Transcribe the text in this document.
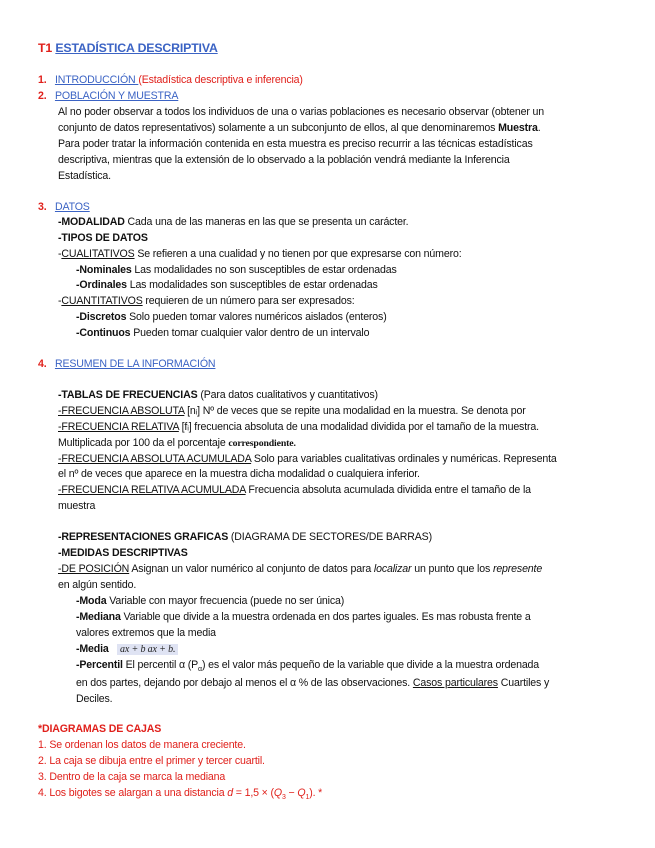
T1 ESTADÍSTICA DESCRIPTIVA
1. INTRODUCCIÓN (Estadística descriptiva e inferencia)
2. POBLACIÓN Y MUESTRA
Al no poder observar a todos los individuos de una o varias poblaciones es necesario observar (obtener un
conjunto de datos representativos) solamente a un subconjunto de ellos, al que denominaremos Muestra.
Para poder tratar la información contenida en esta muestra es preciso recurrir a las técnicas estadísticas
descriptiva, mientras que la extensión de lo observado a la población vendrá mediante la Inferencia
Estadística.
3. DATOS
-MODALIDAD Cada una de las maneras en las que se presenta un carácter.
-TIPOS DE DATOS
-CUALITATIVOS Se refieren a una cualidad y no tienen por que expresarse con número:
-Nominales Las modalidades no son susceptibles de estar ordenadas
-Ordinales Las modalidades son susceptibles de estar ordenadas
-CUANTITATIVOS requieren de un número para ser expresados:
-Discretos Solo pueden tomar valores numéricos aislados (enteros)
-Continuos Pueden tomar cualquier valor dentro de un intervalo
4. RESUMEN DE LA INFORMACIÓN
-TABLAS DE FRECUENCIAS (Para datos cualitativos y cuantitativos)
-FRECUENCIA ABSOLUTA [nᵢ] Nº de veces que se repite una modalidad en la muestra. Se denota por
-FRECUENCIA RELATIVA [fᵢ] frecuencia absoluta de una modalidad dividida por el tamaño de la muestra.
Multiplicada por 100 da el porcentaje correspondiente.
-FRECUENCIA ABSOLUTA ACUMULADA Solo para variables cualitativas ordinales y numéricas. Representa
el nº de veces que aparece en la muestra dicha modalidad o cualquiera inferior.
-FRECUENCIA RELATIVA ACUMULADA Frecuencia absoluta acumulada dividida entre el tamaño de la
muestra
-REPRESENTACIONES GRAFICAS (DIAGRAMA DE SECTORES/DE BARRAS)
-MEDIDAS DESCRIPTIVAS
-DE POSICIÓN Asignan un valor numérico al conjunto de datos para localizar un punto que los represente
en algún sentido.
-Moda Variable con mayor frecuencia (puede no ser única)
-Mediana Variable que divide a la muestra ordenada en dos partes iguales. Es mas robusta frente a
valores extremos que la media
-Media ax + b ax + b.
-Percentil El percentil α $(P_\alpha)$ es el valor más pequeño de la variable que divide a la muestra ordenada
en dos partes, dejando por debajo al menos el α % de las observaciones. Casos particulares Cuartiles y
Deciles.
*DIAGRAMAS DE CAJAS
1. Se ordenan los datos de manera creciente.
2. La caja se dibuja entre el primer y tercer cuartil.
3. Dentro de la caja se marca la mediana
4. Los bigotes se alargan a una distancia $d = 1,5 \times (Q_3 - Q_1)$. *
